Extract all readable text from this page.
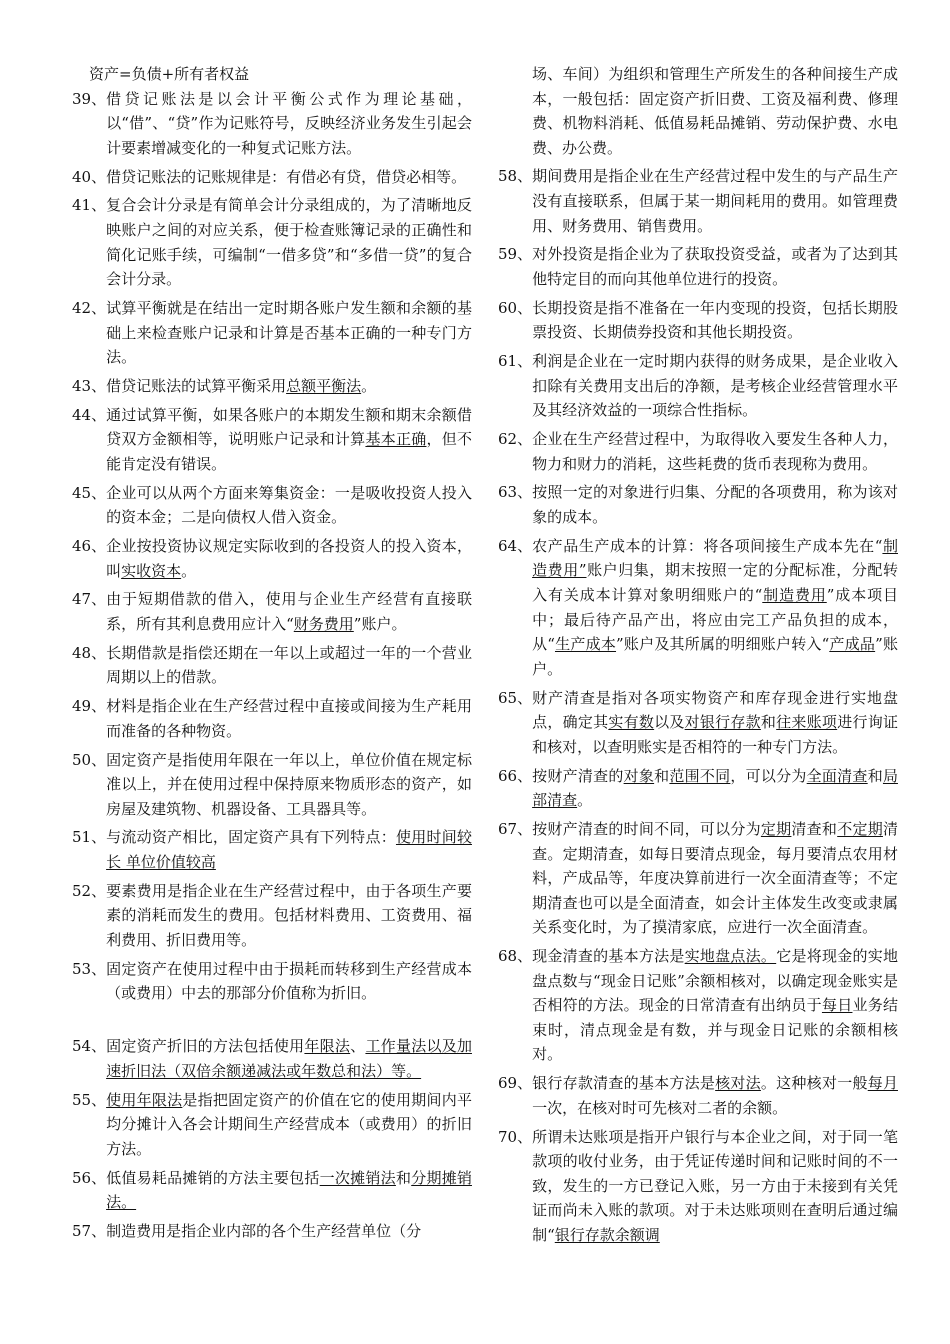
资产=负债+所有者权益
39、 借贷记账法是以会计平衡公式作为理论基础，以“借”、“贷”作为记账符号，反映经济业务发生引起会计要素增减变化的一种复式记账方法。
40、 借贷记账法的记账规律是：有借必有贷，借贷必相等。
41、 复合会计分录是有简单会计分录组成的，为了清晰地反映账户之间的对应关系，便于检查账簿记录的正确性和简化记账手续，可编制“一借多贷”和“多借一贷”的复合会计分录。
42、 试算平衡就是在结出一定时期各账户发生额和余额的基础上来检查账户记录和计算是否基本正确的一种专门方法。
43、 借贷记账法的试算平衡采用总额平衡法。
44、 通过试算平衡，如果各账户的本期发生额和期末余额借贷双方金额相等，说明账户记录和计算基本正确，但不能肯定没有错误。
45、 企业可以从两个方面来筹集资金：一是吸收投资人投入的资本金；二是向债权人借入资金。
46、 企业按投资协议规定实际收到的各投资人的投入资本，叫实收资本。
47、 由于短期借款的借入，使用与企业生产经营有直接联系，所有其利息费用应计入“财务费用”账户。
48、 长期借款是指偿还期在一年以上或超过一年的一个营业周期以上的借款。
49、 材料是指企业在生产经营过程中直接或间接为生产耗用而准备的各种物资。
50、 固定资产是指使用年限在一年以上，单位价值在规定标准以上，并在使用过程中保持原来物质形态的资产，如房屋及建筑物、机器设备、工具器具等。
51、 与流动资产相比，固定资产具有下列特点：使用时间较长 单位价值较高
52、 要素费用是指企业在生产经营过程中，由于各项生产要素的消耗而发生的费用。包括材料费用、工资费用、福利费用、折旧费用等。
53、 固定资产在使用过程中由于损耗而转移到生产经营成本（或费用）中去的那部分价值称为折旧。
54、 固定资产折旧的方法包括使用年限法、工作量法以及加速折旧法（双倍余额递减法或年数总和法）等。
55、 使用年限法是指把固定资产的价值在它的使用期间内平均分摊计入各会计期间生产经营成本（或费用）的折旧方法。
56、 低值易耗品摊销的方法主要包括一次摊销法和分期摊销法。
57、 制造费用是指企业内部的各个生产经营单位（分
场、车间）为组织和管理生产所发生的各种间接生产成本，一般包括：固定资产折旧费、工资及福利费、修理费、机物料消耗、低值易耗品摊销、劳动保护费、水电费、办公费。
58、 期间费用是指企业在生产经营过程中发生的与产品生产没有直接联系，但属于某一期间耗用的费用。如管理费用、财务费用、销售费用。
59、 对外投资是指企业为了获取投资受益，或者为了达到其他特定目的而向其他单位进行的投资。
60、 长期投资是指不准备在一年内变现的投资，包括长期股票投资、长期债券投资和其他长期投资。
61、 利润是企业在一定时期内获得的财务成果，是企业收入扣除有关费用支出后的净额，是考核企业经营管理水平及其经济效益的一项综合性指标。
62、 企业在生产经营过程中，为取得收入要发生各种人力，物力和财力的消耗，这些耗费的货币表现称为费用。
63、 按照一定的对象进行归集、分配的各项费用，称为该对象的成本。
64、 农产品生产成本的计算：将各项间接生产成本先在“制造费用”账户归集，期末按照一定的分配标准，分配转入有关成本计算对象明细账户的“制造费用”成本项目中；最后待产品产出，将应由完工产品负担的成本，从“生产成本”账户及其所属的明细账户转入“产成品”账户。
65、 财产清查是指对各项实物资产和库存现金进行实地盘点，确定其实有数以及对银行存款和往来账项进行询证和核对，以查明账实是否相符的一种专门方法。
66、 按财产清查的对象和范围不同，可以分为全面清查和局部清查。
67、 按财产清查的时间不同，可以分为定期清查和不定期清查。定期清查，如每日要清点现金，每月要清点农用材料，产成品等，年度决算前进行一次全面清查等；不定期清查也可以是全面清查，如会计主体发生改变或隶属关系变化时，为了摸清家底，应进行一次全面清查。
68、 现金清查的基本方法是实地盘点法。它是将现金的实地盘点数与“现金日记账”余额相核对，以确定现金账实是否相符的方法。现金的日常清查有出纳员于每日业务结束时，清点现金是有数，并与现金日记账的余额相核对。
69、 银行存款清查的基本方法是核对法。这种核对一般每月一次，在核对时可先核对二者的余额。
70、 所谓未达账项是指开户银行与本企业之间，对于同一笔款项的收付业务，由于凭证传递时间和记账时间的不一致，发生的一方已登记入账，另一方由于未接到有关凭证而尚未入账的款项。对于未达账项则在查明后通过编制“银行存款余额调
